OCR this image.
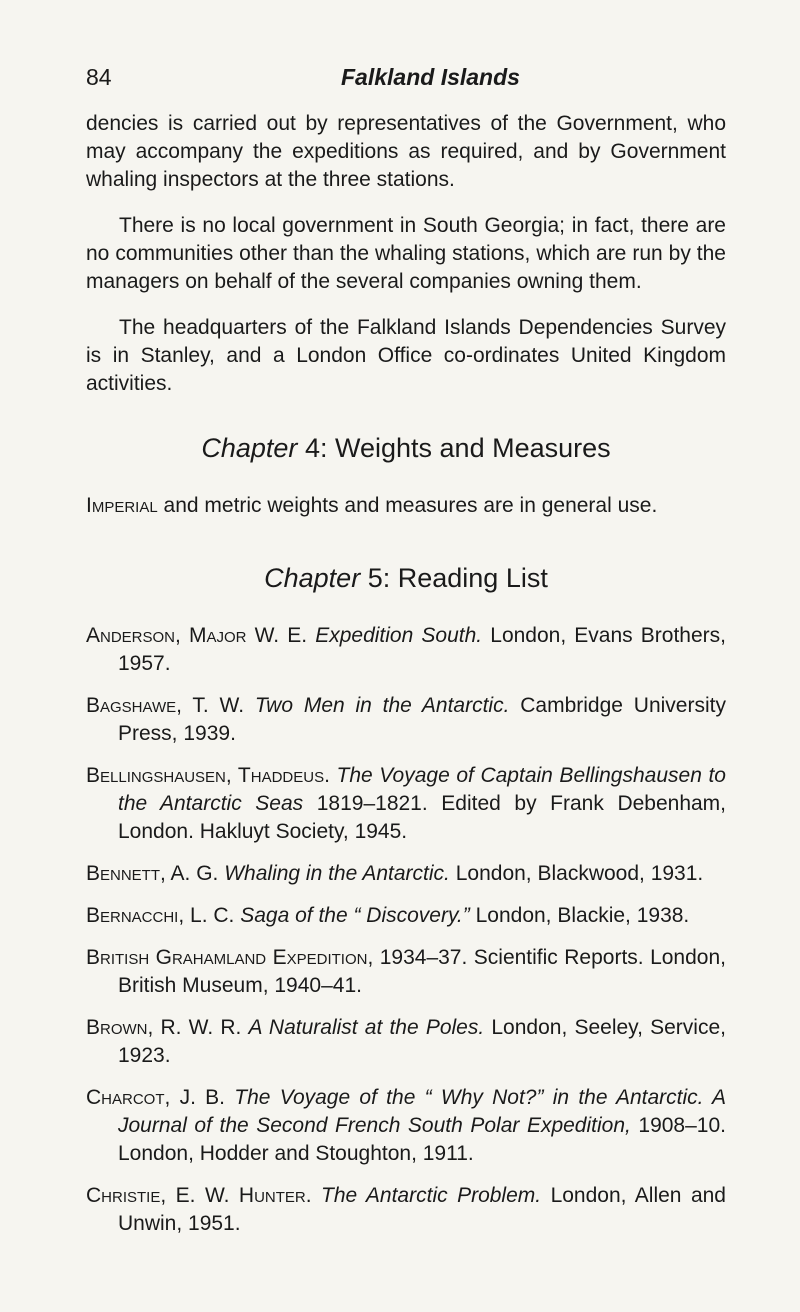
84	Falkland Islands

dencies is carried out by representatives of the Government, who may accompany the expeditions as required, and by Government whaling inspectors at the three stations.

There is no local government in South Georgia; in fact, there are no communities other than the whaling stations, which are run by the managers on behalf of the several companies owning them.

The headquarters of the Falkland Islands Dependencies Survey is in Stanley, and a London Office co-ordinates United Kingdom activities.

Chapter 4: Weights and Measures

Imperial and metric weights and measures are in general use.

Chapter 5: Reading List

Anderson, Major W. E. Expedition South. London, Evans Brothers, 1957.

Bagshawe, T. W. Two Men in the Antarctic. Cambridge University Press, 1939.

Bellingshausen, Thaddeus. The Voyage of Captain Bellingshausen to the Antarctic Seas 1819–1821. Edited by Frank Debenham, London. Hakluyt Society, 1945.

Bennett, A. G. Whaling in the Antarctic. London, Blackwood, 1931.

Bernacchi, L. C. Saga of the “ Discovery.” London, Blackie, 1938.

British Grahamland Expedition, 1934–37. Scientific Reports. London, British Museum, 1940–41.

Brown, R. W. R. A Naturalist at the Poles. London, Seeley, Service, 1923.

Charcot, J. B. The Voyage of the “ Why Not?” in the Antarctic. A Journal of the Second French South Polar Expedition, 1908–10. London, Hodder and Stoughton, 1911.

Christie, E. W. Hunter. The Antarctic Problem. London, Allen and Unwin, 1951.
